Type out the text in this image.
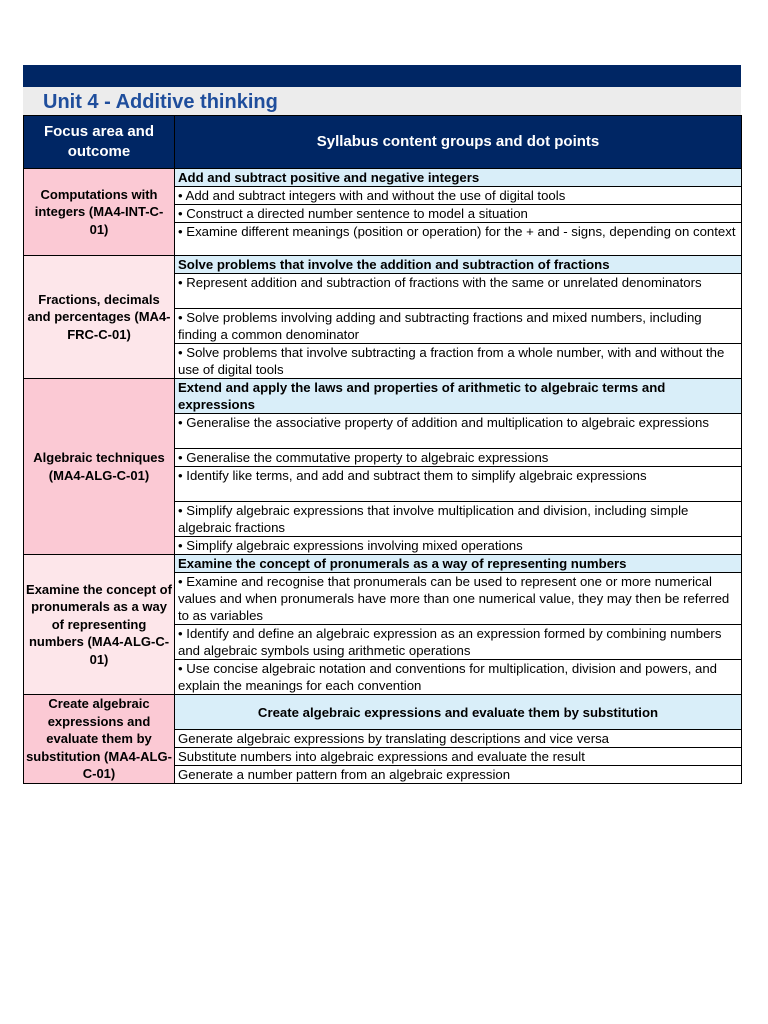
Unit 4 - Additive thinking
Focus area and outcome	Syllabus content groups and dot points
Computations with integers (MA4-INT-C-01)	Add and subtract positive and negative integers
	• Add and subtract integers with and without the use of digital tools
	• Construct a directed number sentence to model a situation
	• Examine different meanings (position or operation) for the + and - signs, depending on context
Fractions, decimals and percentages (MA4-FRC-C-01)	Solve problems that involve the addition and subtraction of fractions
	• Represent addition and subtraction of fractions with the same or unrelated denominators
	• Solve problems involving adding and subtracting fractions and mixed numbers, including finding a common denominator
	• Solve problems that involve subtracting a fraction from a whole number, with and without the use of digital tools
Algebraic techniques (MA4-ALG-C-01)	Extend and apply the laws and properties of arithmetic to algebraic terms and expressions
	• Generalise the associative property of addition and multiplication to algebraic expressions
	• Generalise the commutative property to algebraic expressions
	• Identify like terms, and add and subtract them to simplify algebraic expressions
	• Simplify algebraic expressions that involve multiplication and division, including simple algebraic fractions
	• Simplify algebraic expressions involving mixed operations
Examine the concept of pronumerals as a way of representing numbers (MA4-ALG-C-01)	Examine the concept of pronumerals as a way of representing numbers
	• Examine and recognise that pronumerals can be used to represent one or more numerical values and when pronumerals have more than one numerical value, they may then be referred to as variables
	• Identify and define an algebraic expression as an expression formed by combining numbers and algebraic symbols using arithmetic operations
	• Use concise algebraic notation and conventions for multiplication, division and powers, and explain the meanings for each convention
Create algebraic expressions and evaluate them by substitution (MA4-ALG-C-01)	Create algebraic expressions and evaluate them by substitution
	Generate algebraic expressions by translating descriptions and vice versa
	Substitute numbers into algebraic expressions and evaluate the result
	Generate a number pattern from an algebraic expression
